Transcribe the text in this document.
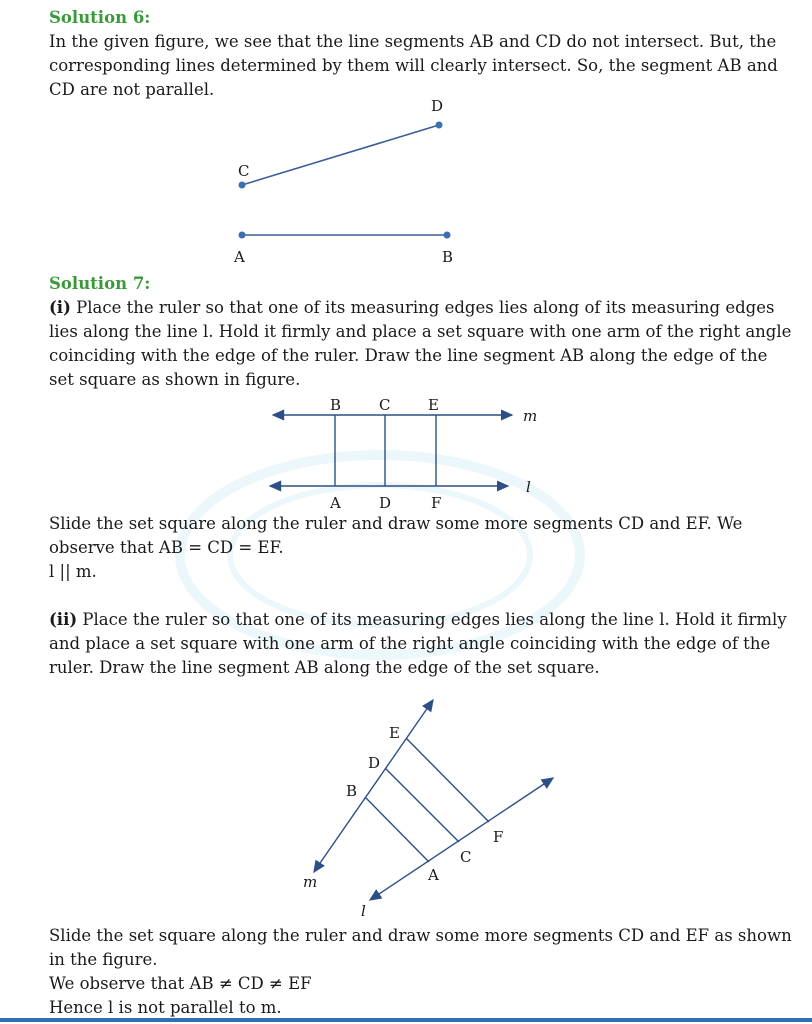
Solution 6:
In the given figure, we see that the line segments AB and CD do not intersect. But, the
corresponding lines determined by them will clearly intersect. So, the segment AB and
CD are not parallel.
D
C
A	B
Solution 7:
(i) Place the ruler so that one of its measuring edges lies along of its measuring edges
lies along the line l. Hold it firmly and place a set square with one arm of the right angle
coinciding with the edge of the ruler. Draw the line segment AB along the edge of the
set square as shown in figure.
B	C	E
A	D	F
m
l
Slide the set square along the ruler and draw some more segments CD and EF. We
observe that AB = CD = EF.
l || m.
(ii) Place the ruler so that one of its measuring edges lies along the line l. Hold it firmly
and place a set square with one arm of the right angle coinciding with the edge of the
ruler. Draw the line segment AB along the edge of the set square.
E
D
B
F
C
A
m
l
Slide the set square along the ruler and draw some more segments CD and EF as shown
in the figure.
We observe that AB ≠ CD ≠ EF
Hence l is not parallel to m.
